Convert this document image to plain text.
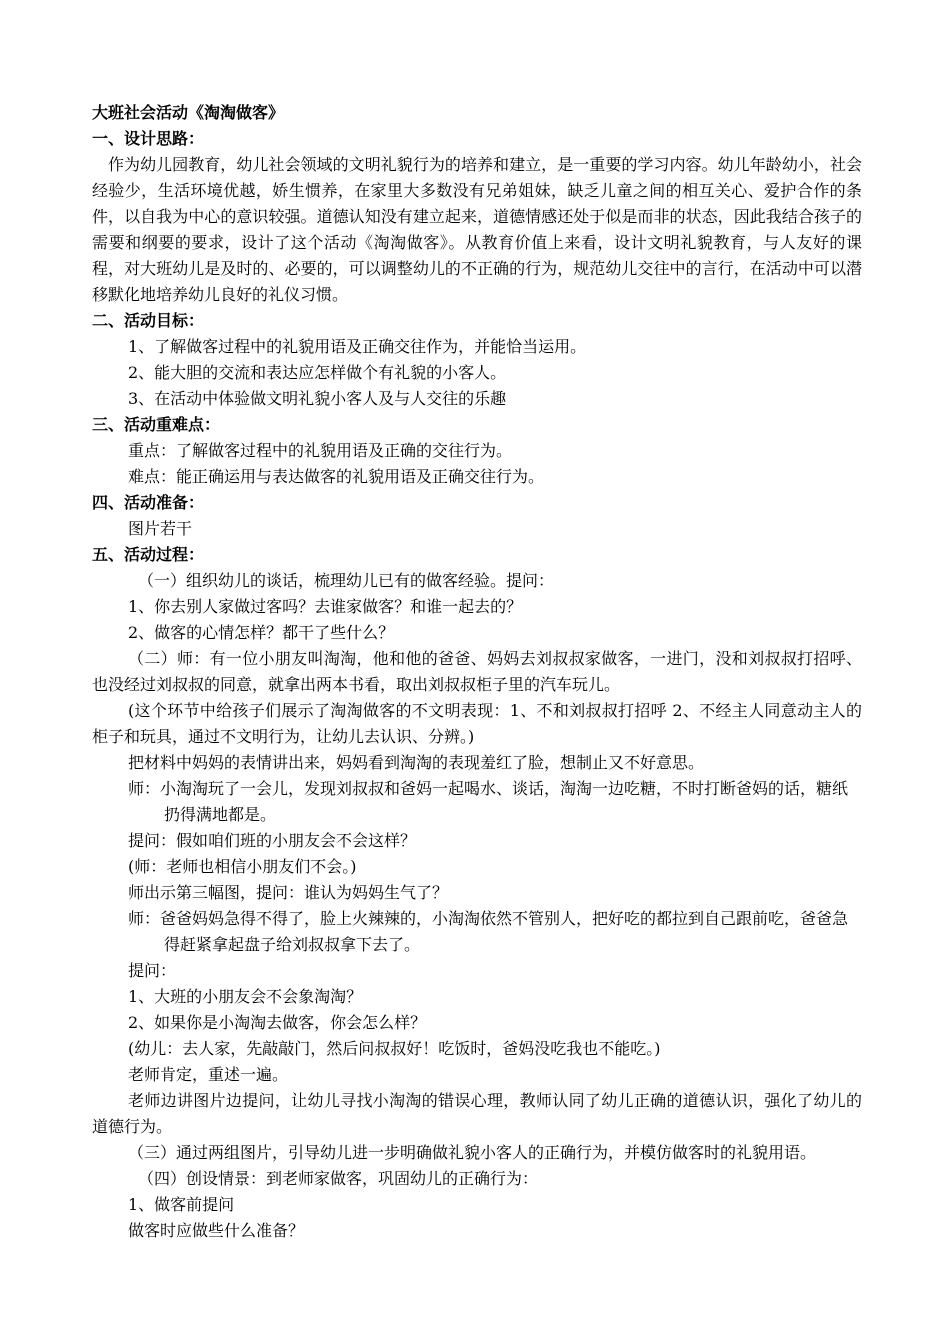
大班社会活动《淘淘做客》
一、设计思路：
作为幼儿园教育，幼儿社会领域的文明礼貌行为的培养和建立，是一重要的学习内容。幼儿年龄幼小，社会经验少，生活环境优越，娇生惯养，在家里大多数没有兄弟姐妹，缺乏儿童之间的相互关心、爱护合作的条件，以自我为中心的意识较强。道德认知没有建立起来，道德情感还处于似是而非的状态，因此我结合孩子的需要和纲要的要求，设计了这个活动《淘淘做客》。从教育价值上来看，设计文明礼貌教育，与人友好的课程，对大班幼儿是及时的、必要的，可以调整幼儿的不正确的行为，规范幼儿交往中的言行，在活动中可以潜移默化地培养幼儿良好的礼仪习惯。
二、活动目标：
1、了解做客过程中的礼貌用语及正确交往作为，并能恰当运用。
2、能大胆的交流和表达应怎样做个有礼貌的小客人。
3、在活动中体验做文明礼貌小客人及与人交往的乐趣
三、活动重难点：
重点：了解做客过程中的礼貌用语及正确的交往行为。
难点：能正确运用与表达做客的礼貌用语及正确交往行为。
四、活动准备：
图片若干
五、活动过程：
（一）组织幼儿的谈话，梳理幼儿已有的做客经验。提问：
1、你去别人家做过客吗？去谁家做客？和谁一起去的？
2、做客的心情怎样？都干了些什么？
（二）师：有一位小朋友叫淘淘，他和他的爸爸、妈妈去刘叔叔家做客，一进门，没和刘叔叔打招呼、也没经过刘叔叔的同意，就拿出两本书看，取出刘叔叔柜子里的汽车玩儿。
(这个环节中给孩子们展示了淘淘做客的不文明表现：1、不和刘叔叔打招呼 2、不经主人同意动主人的柜子和玩具，通过不文明行为，让幼儿去认识、分辨。)
把材料中妈妈的表情讲出来，妈妈看到淘淘的表现羞红了脸，想制止又不好意思。
师：小淘淘玩了一会儿，发现刘叔叔和爸妈一起喝水、谈话，淘淘一边吃糖，不时打断爸妈的话，糖纸扔得满地都是。
提问：假如咱们班的小朋友会不会这样？
(师：老师也相信小朋友们不会。)
师出示第三幅图，提问：谁认为妈妈生气了？
师：爸爸妈妈急得不得了，脸上火辣辣的，小淘淘依然不管别人，把好吃的都拉到自己跟前吃，爸爸急得赶紧拿起盘子给刘叔叔拿下去了。
提问：
1、大班的小朋友会不会象淘淘？
2、如果你是小淘淘去做客，你会怎么样？
(幼儿：去人家，先敲敲门，然后问叔叔好！吃饭时，爸妈没吃我也不能吃。)
老师肯定，重述一遍。
老师边讲图片边提问，让幼儿寻找小淘淘的错误心理，教师认同了幼儿正确的道德认识，强化了幼儿的道德行为。
（三）通过两组图片，引导幼儿进一步明确做礼貌小客人的正确行为，并模仿做客时的礼貌用语。
（四）创设情景：到老师家做客，巩固幼儿的正确行为：
1、做客前提问
做客时应做些什么准备？
